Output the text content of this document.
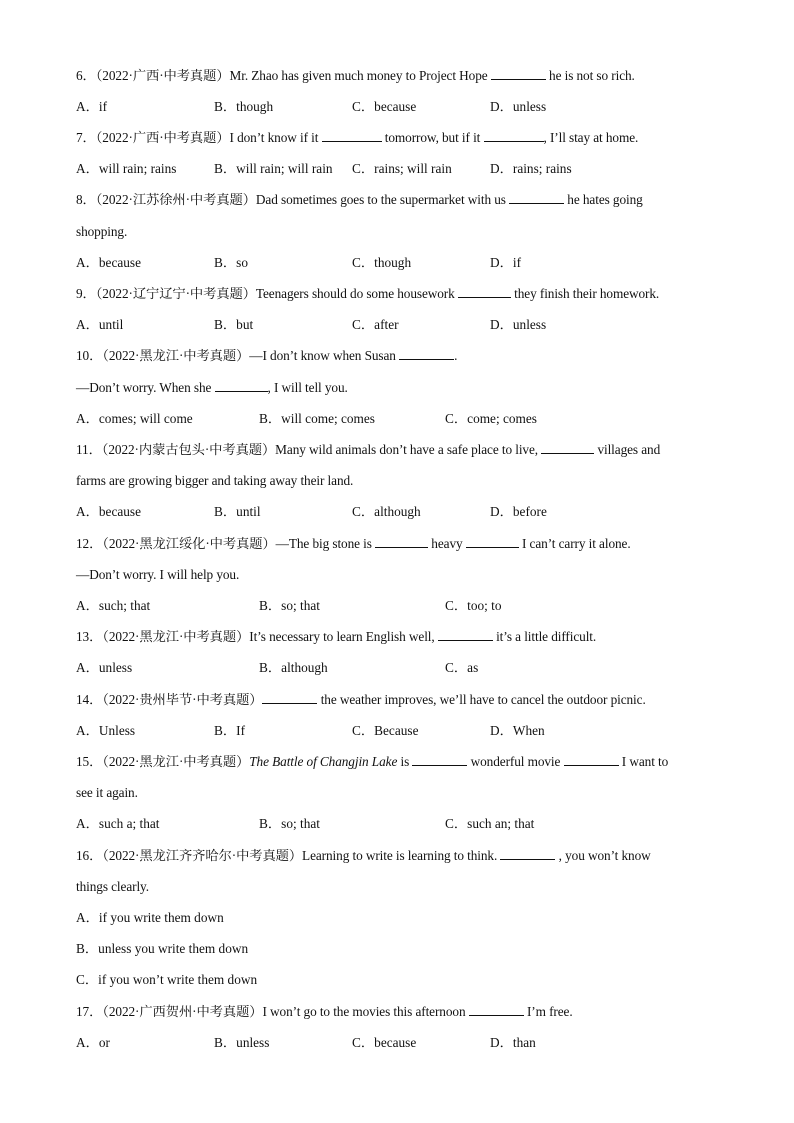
6．（2022·广西·中考真题）Mr. Zhao has given much money to Project Hope	he is not so rich.
A．if	B．though	C．because	D．unless
7．（2022·广西·中考真题）I don’t know if it	tomorrow, but if it	, I’ll stay at home.
A．will rain; rains	B．will rain; will rain C．rains; will rain	D．rains; rains
8．（2022·江苏徐州·中考真题）Dad sometimes goes to the supermarket with us	he hates going
shopping.
A．because	B．so	C．though	D．if
9．（2022·辽宁辽宁·中考真题）Teenagers should do some housework	they finish their homework.
A．until	B．but	C．after	D．unless
10．（2022·黑龙江·中考真题）—I don’t know when Susan	.
—Don’t worry. When she	, I will tell you.
A．comes; will come	B．will come; comes	C．come; comes
11．（2022·内蒙古包头·中考真题）Many wild animals don’t have a safe place to live,	villages and
farms are growing bigger and taking away their land.
A．because	B．until	C．although	D．before
12．（2022·黑龙江绥化·中考真题）—The big stone is	heavy	I can’t carry it alone.
—Don’t worry. I will help you.
A．such; that	B．so; that	C．too; to
13．（2022·黑龙江·中考真题）It’s necessary to learn English well,	it’s a little difficult.
A．unless	B．although	C．as
14．（2022·贵州毕节·中考真题）	the weather improves, we’ll have to cancel the outdoor picnic.
A．Unless	B．If	C．Because	D．When
15．（2022·黑龙江·中考真题）The Battle of Changjin Lake is	wonderful movie	I want to
see it again.
A．such a; that	B．so; that	C．such an; that
16．（2022·黑龙江齐齐哈尔·中考真题）Learning to write is learning to think.	, you won’t know
things clearly.
A．if you write them down
B．unless you write them down
C．if you won’t write them down
17．（2022·广西贺州·中考真题）I won’t go to the movies this afternoon	I’m free.
A．or	B．unless	C．because	D．than
